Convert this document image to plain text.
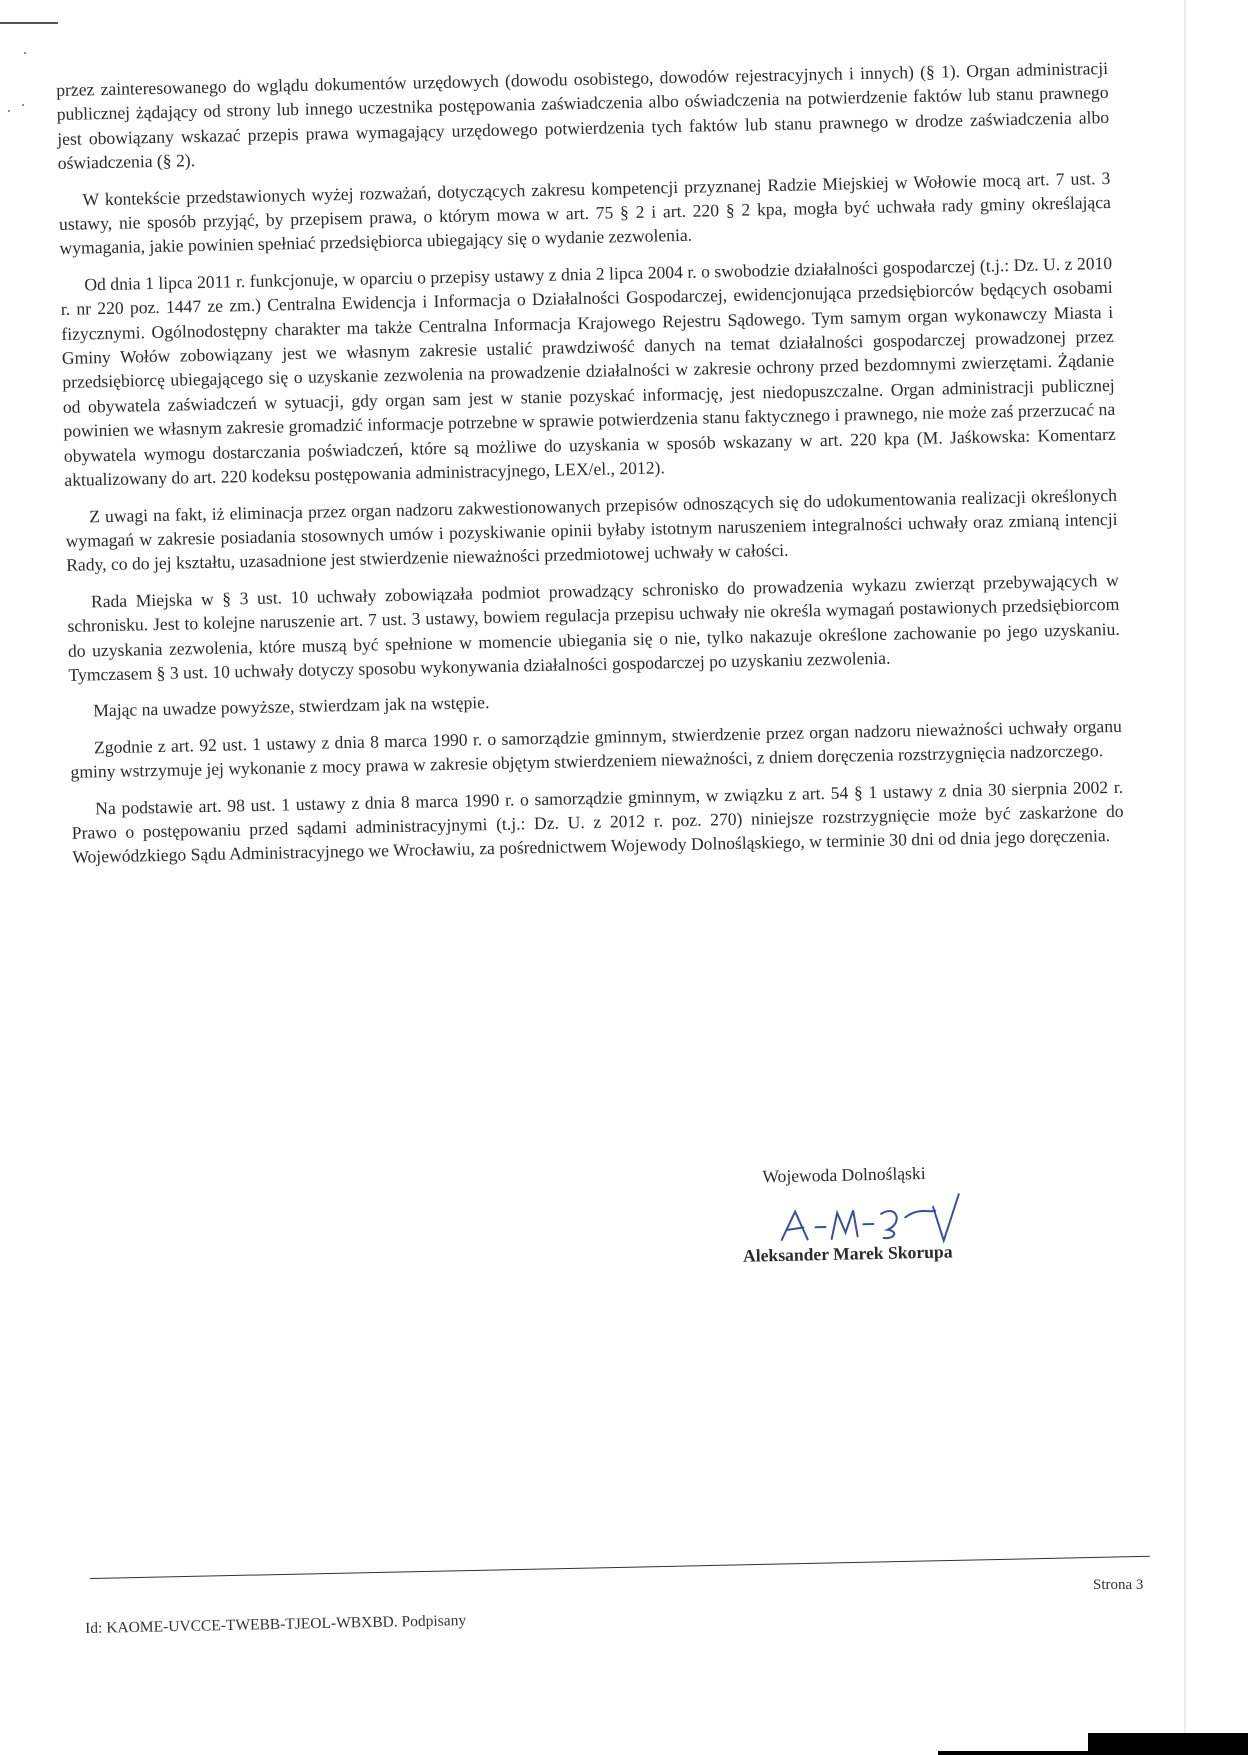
przez zainteresowanego do wglądu dokumentów urzędowych (dowodu osobistego, dowodów rejestracyjnych i innych) (§ 1). Organ administracji publicznej żądający od strony lub innego uczestnika postępowania zaświadczenia albo oświadczenia na potwierdzenie faktów lub stanu prawnego jest obowiązany wskazać przepis prawa wymagający urzędowego potwierdzenia tych faktów lub stanu prawnego w drodze zaświadczenia albo oświadczenia (§ 2).

W kontekście przedstawionych wyżej rozważań, dotyczących zakresu kompetencji przyznanej Radzie Miejskiej w Wołowie mocą art. 7 ust. 3 ustawy, nie sposób przyjąć, by przepisem prawa, o którym mowa w art. 75 § 2 i art. 220 § 2 kpa, mogła być uchwała rady gminy określająca wymagania, jakie powinien spełniać przedsiębiorca ubiegający się o wydanie zezwolenia.

Od dnia 1 lipca 2011 r. funkcjonuje, w oparciu o przepisy ustawy z dnia 2 lipca 2004 r. o swobodzie działalności gospodarczej (t.j.: Dz. U. z 2010 r. nr 220 poz. 1447 ze zm.) Centralna Ewidencja i Informacja o Działalności Gospodarczej, ewidencjonująca przedsiębiorców będących osobami fizycznymi. Ogólnodostępny charakter ma także Centralna Informacja Krajowego Rejestru Sądowego. Tym samym organ wykonawczy Miasta i Gminy Wołów zobowiązany jest we własnym zakresie ustalić prawdziwość danych na temat działalności gospodarczej prowadzonej przez przedsiębiorcę ubiegającego się o uzyskanie zezwolenia na prowadzenie działalności w zakresie ochrony przed bezdomnymi zwierzętami. Żądanie od obywatela zaświadczeń w sytuacji, gdy organ sam jest w stanie pozyskać informację, jest niedopuszczalne. Organ administracji publicznej powinien we własnym zakresie gromadzić informacje potrzebne w sprawie potwierdzenia stanu faktycznego i prawnego, nie może zaś przerzucać na obywatela wymogu dostarczania poświadczeń, które są możliwe do uzyskania w sposób wskazany w art. 220 kpa (M. Jaśkowska: Komentarz aktualizowany do art. 220 kodeksu postępowania administracyjnego, LEX/el., 2012).

Z uwagi na fakt, iż eliminacja przez organ nadzoru zakwestionowanych przepisów odnoszących się do udokumentowania realizacji określonych wymagań w zakresie posiadania stosownych umów i pozyskiwanie opinii byłaby istotnym naruszeniem integralności uchwały oraz zmianą intencji Rady, co do jej kształtu, uzasadnione jest stwierdzenie nieważności przedmiotowej uchwały w całości.

Rada Miejska w § 3 ust. 10 uchwały zobowiązała podmiot prowadzący schronisko do prowadzenia wykazu zwierząt przebywających w schronisku. Jest to kolejne naruszenie art. 7 ust. 3 ustawy, bowiem regulacja przepisu uchwały nie określa wymagań postawionych przedsiębiorcom do uzyskania zezwolenia, które muszą być spełnione w momencie ubiegania się o nie, tylko nakazuje określone zachowanie po jego uzyskaniu. Tymczasem § 3 ust. 10 uchwały dotyczy sposobu wykonywania działalności gospodarczej po uzyskaniu zezwolenia.

Mając na uwadze powyższe, stwierdzam jak na wstępie.

Zgodnie z art. 92 ust. 1 ustawy z dnia 8 marca 1990 r. o samorządzie gminnym, stwierdzenie przez organ nadzoru nieważności uchwały organu gminy wstrzymuje jej wykonanie z mocy prawa w zakresie objętym stwierdzeniem nieważności, z dniem doręczenia rozstrzygnięcia nadzorczego.

Na podstawie art. 98 ust. 1 ustawy z dnia 8 marca 1990 r. o samorządzie gminnym, w związku z art. 54 § 1 ustawy z dnia 30 sierpnia 2002 r. Prawo o postępowaniu przed sądami administracyjnymi (t.j.: Dz. U. z 2012 r. poz. 270) niniejsze rozstrzygnięcie może być zaskarżone do Wojewódzkiego Sądu Administracyjnego we Wrocławiu, za pośrednictwem Wojewody Dolnośląskiego, w terminie 30 dni od dnia jego doręczenia.

Wojewoda Dolnośląski
Aleksander Marek Skorupa
Strona 3
Id: KAOME-UVCCE-TWEBB-TJEOL-WBXBD. Podpisany
